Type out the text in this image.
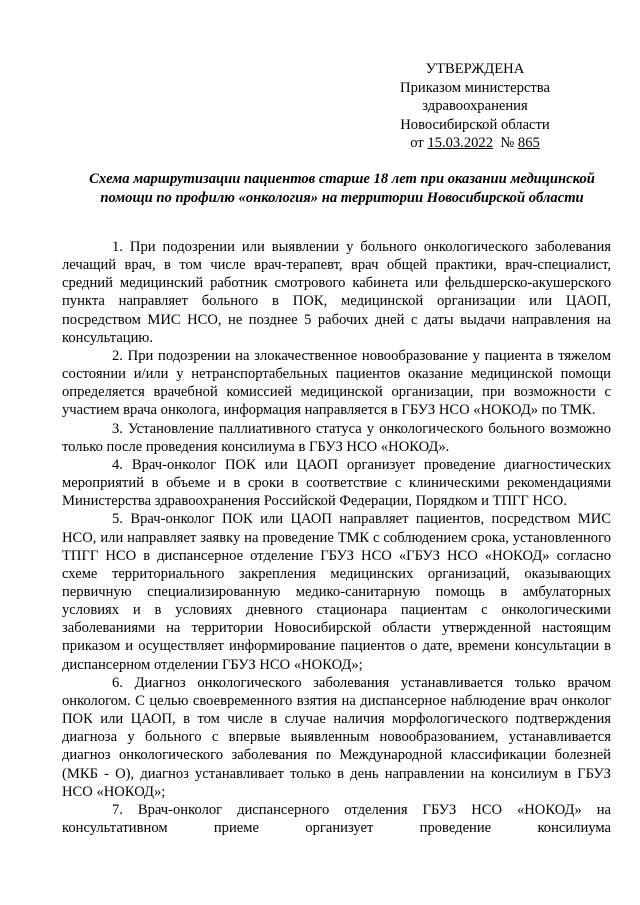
УТВЕРЖДЕНА
Приказом министерства
здравоохранения
Новосибирской области
от 15.03.2022 № 865
Схема маршрутизации пациентов старше 18 лет при оказании медицинской помощи по профилю «онкология» на территории Новосибирской области

1. При подозрении или выявлении у больного онкологического заболевания лечащий врач, в том числе врач-терапевт, врач общей практики, врач-специалист, средний медицинский работник смотрового кабинета или фельдшерско-акушерского пункта направляет больного в ПОК, медицинской организации или ЦАОП, посредством МИС НСО, не позднее 5 рабочих дней с даты выдачи направления на консультацию.

2. При подозрении на злокачественное новообразование у пациента в тяжелом состоянии и/или у нетранспортабельных пациентов оказание медицинской помощи определяется врачебной комиссией медицинской организации, при возможности с участием врача онколога, информация направляется в ГБУЗ НСО «НОКОД» по ТМК.

3. Установление паллиативного статуса у онкологического больного возможно только после проведения консилиума в ГБУЗ НСО «НОКОД».

4. Врач-онколог ПОК или ЦАОП организует проведение диагностических мероприятий в объеме и в сроки в соответствие с клиническими рекомендациями Министерства здравоохранения Российской Федерации, Порядком и ТПГГ НСО.

5. Врач-онколог ПОК или ЦАОП направляет пациентов, посредством МИС НСО, или направляет заявку на проведение ТМК с соблюдением срока, установленного ТПГГ НСО в диспансерное отделение ГБУЗ НСО «ГБУЗ НСО «НОКОД» согласно схеме территориального закрепления медицинских организаций, оказывающих первичную специализированную медико-санитарную помощь в амбулаторных условиях и в условиях дневного стационара пациентам с онкологическими заболеваниями на территории Новосибирской области утвержденной настоящим приказом и осуществляет информирование пациентов о дате, времени консультации в диспансерном отделении ГБУЗ НСО «НОКОД»;

6. Диагноз онкологического заболевания устанавливается только врачом онкологом. С целью своевременного взятия на диспансерное наблюдение врач онколог ПОК или ЦАОП, в том числе в случае наличия морфологического подтверждения диагноза у больного с впервые выявленным новообразованием, устанавливается диагноз онкологического заболевания по Международной классификации болезней (МКБ - О), диагноз устанавливает только в день направлении на консилиум в ГБУЗ НСО «НОКОД»;

7. Врач-онколог диспансерного отделения ГБУЗ НСО «НОКОД» на консультативном приеме организует проведение консилиума
